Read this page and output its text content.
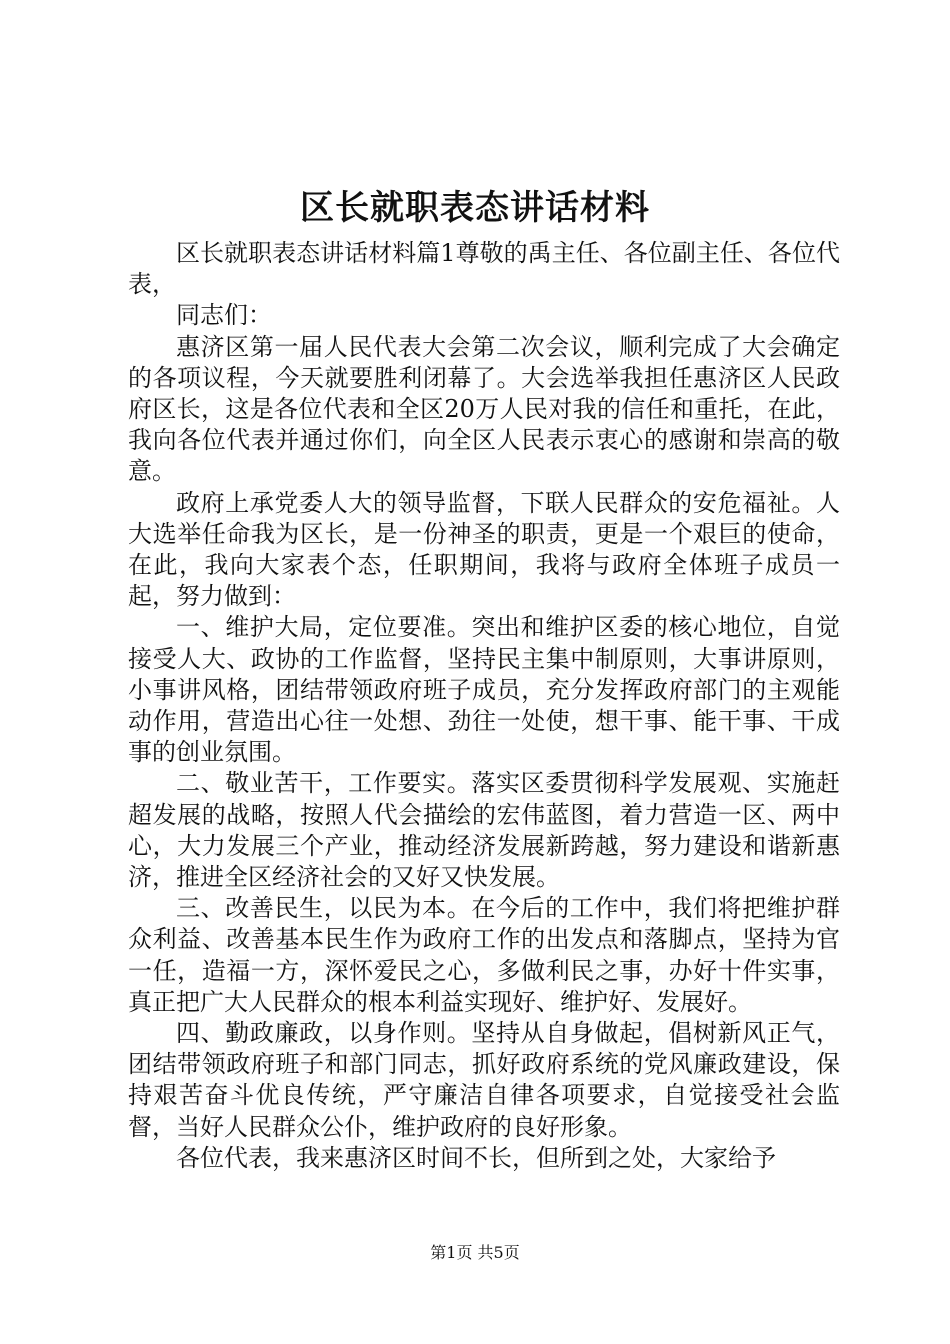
区长就职表态讲话材料

区长就职表态讲话材料篇1尊敬的禹主任、各位副主任、各位代表，

同志们：

惠济区第一届人民代表大会第二次会议，顺利完成了大会确定的各项议程，今天就要胜利闭幕了。大会选举我担任惠济区人民政府区长，这是各位代表和全区20万人民对我的信任和重托，在此，我向各位代表并通过你们，向全区人民表示衷心的感谢和崇高的敬意。

政府上承党委人大的领导监督，下联人民群众的安危福祉。人大选举任命我为区长，是一份神圣的职责，更是一个艰巨的使命，在此，我向大家表个态，任职期间，我将与政府全体班子成员一起，努力做到：

一、维护大局，定位要准。突出和维护区委的核心地位，自觉接受人大、政协的工作监督，坚持民主集中制原则，大事讲原则，小事讲风格，团结带领政府班子成员，充分发挥政府部门的主观能动作用，营造出心往一处想、劲往一处使，想干事、能干事、干成事的创业氛围。

二、敬业苦干，工作要实。落实区委贯彻科学发展观、实施赶超发展的战略，按照人代会描绘的宏伟蓝图，着力营造一区、两中心，大力发展三个产业，推动经济发展新跨越，努力建设和谐新惠济，推进全区经济社会的又好又快发展。

三、改善民生，以民为本。在今后的工作中，我们将把维护群众利益、改善基本民生作为政府工作的出发点和落脚点，坚持为官一任，造福一方，深怀爱民之心，多做利民之事，办好十件实事，真正把广大人民群众的根本利益实现好、维护好、发展好。

四、勤政廉政，以身作则。坚持从自身做起，倡树新风正气，团结带领政府班子和部门同志，抓好政府系统的党风廉政建设，保持艰苦奋斗优良传统，严守廉洁自律各项要求，自觉接受社会监督，当好人民群众公仆，维护政府的良好形象。

各位代表，我来惠济区时间不长，但所到之处，大家给予

第1页 共5页
